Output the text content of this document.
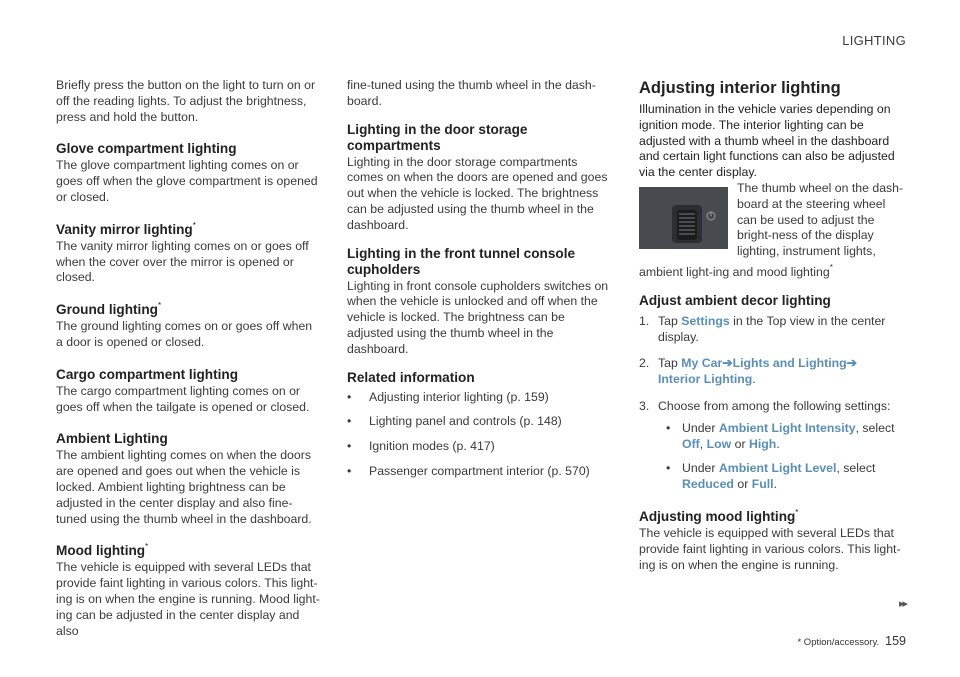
LIGHTING

Briefly press the button on the light to turn on or off the reading lights. To adjust the brightness, press and hold the button.

Glove compartment lighting

The glove compartment lighting comes on or goes off when the glove compartment is opened or closed.

Vanity mirror lighting*

The vanity mirror lighting comes on or goes off when the cover over the mirror is opened or closed.

Ground lighting*

The ground lighting comes on or goes off when a door is opened or closed.

Cargo compartment lighting

The cargo compartment lighting comes on or goes off when the tailgate is opened or closed.

Ambient Lighting

The ambient lighting comes on when the doors are opened and goes out when the vehicle is locked. Ambient lighting brightness can be adjusted in the center display and also fine-tuned using the thumb wheel in the dashboard.

Mood lighting*

The vehicle is equipped with several LEDs that provide faint lighting in various colors. This light-ing is on when the engine is running. Mood light-ing can be adjusted in the center display and also

fine-tuned using the thumb wheel in the dash-board.

Lighting in the door storage compartments

Lighting in the door storage compartments comes on when the doors are opened and goes out when the vehicle is locked. The brightness can be adjusted using the thumb wheel in the dashboard.

Lighting in the front tunnel console cupholders

Lighting in front console cupholders switches on when the vehicle is unlocked and off when the vehicle is locked. The brightness can be adjusted using the thumb wheel in the dashboard.

Related information
• Adjusting interior lighting (p. 159)
• Lighting panel and controls (p. 148)
• Ignition modes (p. 417)
• Passenger compartment interior (p. 570)
Adjusting interior lighting

Illumination in the vehicle varies depending on ignition mode. The interior lighting can be adjusted with a thumb wheel in the dashboard and certain light functions can also be adjusted via the center display.

The thumb wheel on the dash-board at the steering wheel can be used to adjust the bright-ness of the display lighting, instrument lights, ambient light-ing and mood lighting*

Adjust ambient decor lighting
1. Tap Settings in the Top view in the center display.
2. Tap My Car➔Lights and Lighting➔
Interior Lighting.
3. Choose from among the following settings:
• Under Ambient Light Intensity, select Off, Low or High.
• Under Ambient Light Level, select Reduced or Full.
Adjusting mood lighting*

The vehicle is equipped with several LEDs that provide faint lighting in various colors. This light-ing is on when the engine is running.

▸▸
* Option/accessory. 159
